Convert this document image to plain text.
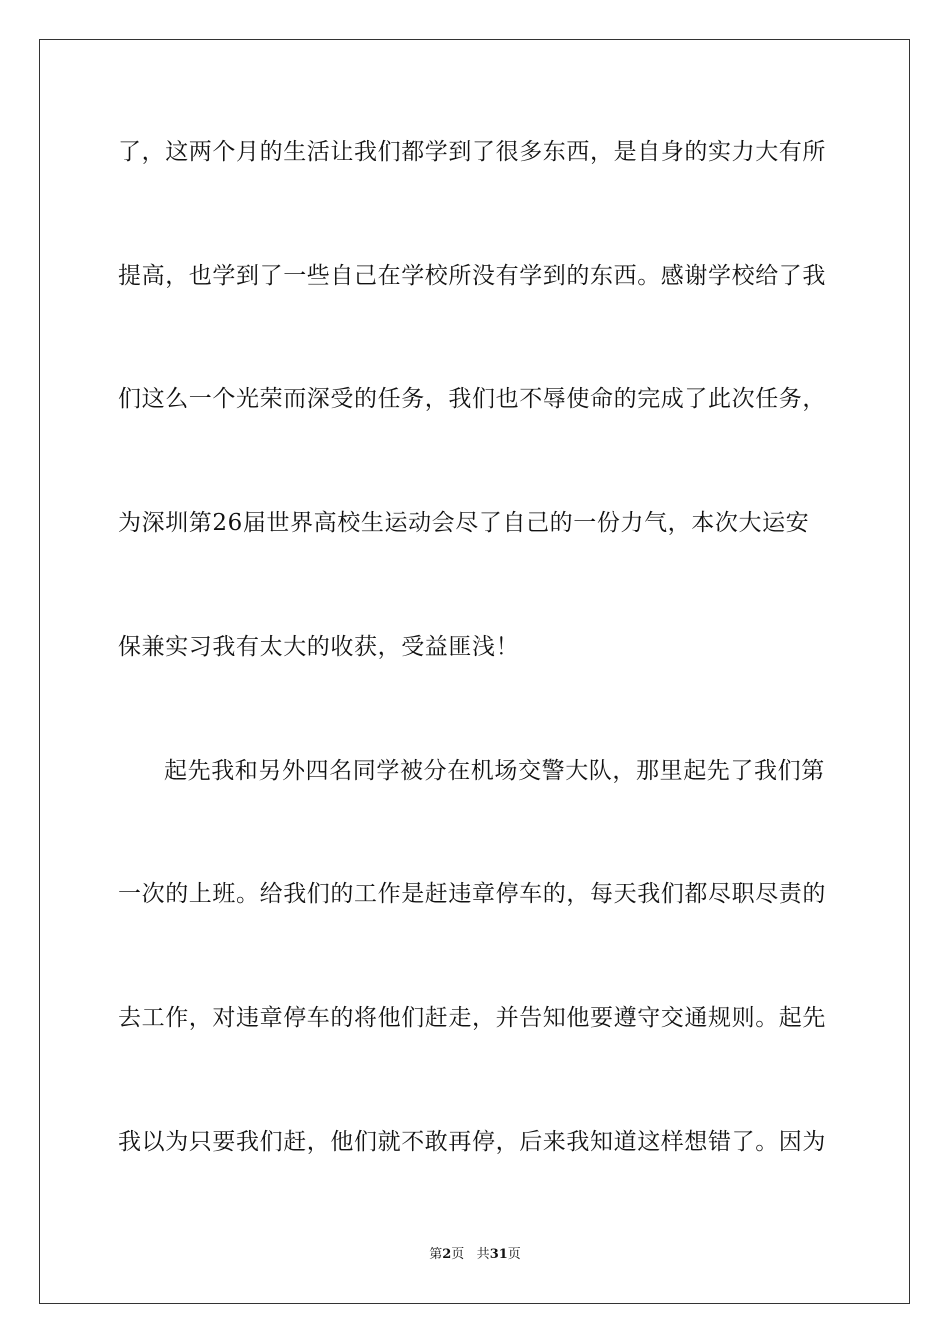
了，这两个月的生活让我们都学到了很多东西，是自身的实力大有所
提高，也学到了一些自己在学校所没有学到的东西。感谢学校给了我
们这么一个光荣而深受的任务，我们也不辱使命的完成了此次任务，
为深圳第26届世界高校生运动会尽了自己的一份力气，本次大运安
保兼实习我有太大的收获，受益匪浅！
起先我和另外四名同学被分在机场交警大队，那里起先了我们第
一次的上班。给我们的工作是赶违章停车的，每天我们都尽职尽责的
去工作，对违章停车的将他们赶走，并告知他要遵守交通规则。起先
我以为只要我们赶，他们就不敢再停，后来我知道这样想错了。因为
第2页 共31页
